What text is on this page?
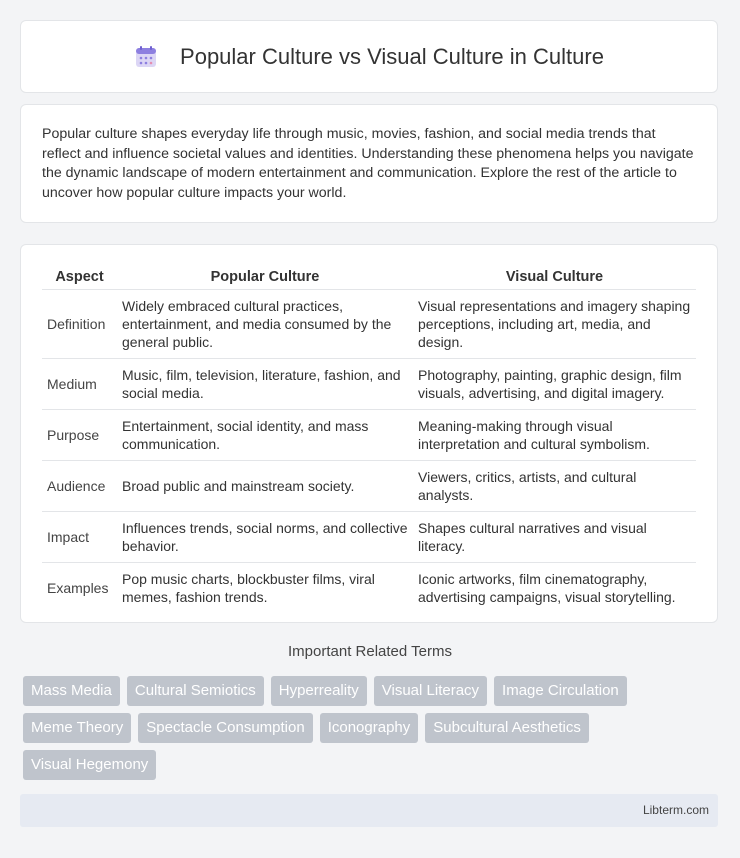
Popular Culture vs Visual Culture in Culture

Popular culture shapes everyday life through music, movies, fashion, and social media trends that reflect and influence societal values and identities. Understanding these phenomena helps you navigate the dynamic landscape of modern entertainment and communication. Explore the rest of the article to uncover how popular culture impacts your world.

Aspect	Popular Culture	Visual Culture
Definition	Widely embraced cultural practices, entertainment, and media consumed by the general public.	Visual representations and imagery shaping perceptions, including art, media, and design.
Medium	Music, film, television, literature, fashion, and social media.	Photography, painting, graphic design, film visuals, advertising, and digital imagery.
Purpose	Entertainment, social identity, and mass communication.	Meaning-making through visual interpretation and cultural symbolism.
Audience	Broad public and mainstream society.	Viewers, critics, artists, and cultural analysts.
Impact	Influences trends, social norms, and collective behavior.	Shapes cultural narratives and visual literacy.
Examples	Pop music charts, blockbuster films, viral memes, fashion trends.	Iconic artworks, film cinematography, advertising campaigns, visual storytelling.
Important Related Terms
Mass Media	Cultural Semiotics	Hyperreality	Visual Literacy	Image Circulation
Meme Theory	Spectacle Consumption	Iconography	Subcultural Aesthetics
Visual Hegemony
Libterm.com
